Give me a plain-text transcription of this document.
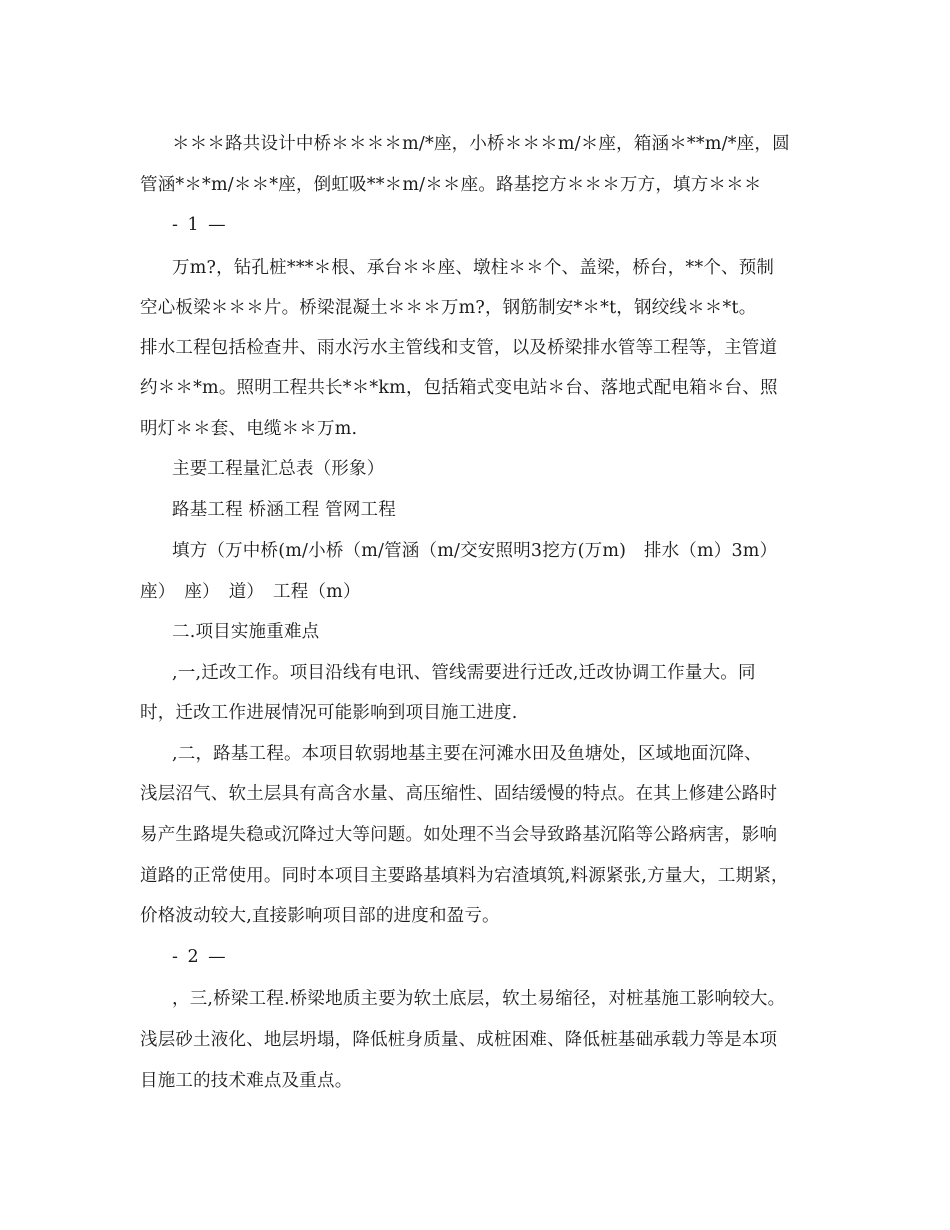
＊＊＊路共设计中桥＊＊＊＊m/*座，小桥＊＊＊m/＊座，箱涵＊**m/*座，圆
管涵*＊*m/＊＊*座，倒虹吸**＊m/＊＊座。路基挖方＊＊＊万方，填方＊＊＊
- 1 —
万m?，钻孔桩***＊根、承台＊＊座、墩柱＊＊个、盖梁，桥台，**个、预制
空心板梁＊＊＊片。桥梁混凝土＊＊＊万m?，钢筋制安*＊*t，钢绞线＊＊*t。
排水工程包括检查井、雨水污水主管线和支管，以及桥梁排水管等工程等，主管道
约＊＊*m。照明工程共长*＊*km，包括箱式变电站＊台、落地式配电箱＊台、照
明灯＊＊套、电缆＊＊万m.
主要工程量汇总表（形象）
路基工程 桥涵工程 管网工程
填方（万中桥(m/小桥（m/管涵（m/交安照明3挖方(万m)　排水（m）3m）
座）　座）　道）　工程（m）
二.项目实施重难点
,一,迁改工作。项目沿线有电讯、管线需要进行迁改,迁改协调工作量大。同
时，迁改工作进展情况可能影响到项目施工进度.
,二，路基工程。本项目软弱地基主要在河滩水田及鱼塘处，区域地面沉降、
浅层沼气、软土层具有高含水量、高压缩性、固结缓慢的特点。在其上修建公路时
易产生路堤失稳或沉降过大等问题。如处理不当会导致路基沉陷等公路病害，影响
道路的正常使用。同时本项目主要路基填料为宕渣填筑,料源紧张,方量大，工期紧，
价格波动较大,直接影响项目部的进度和盈亏。
- 2 —
，三,桥梁工程.桥梁地质主要为软土底层，软土易缩径，对桩基施工影响较大。
浅层砂土液化、地层坍塌，降低桩身质量、成桩困难、降低桩基础承载力等是本项
目施工的技术难点及重点。
